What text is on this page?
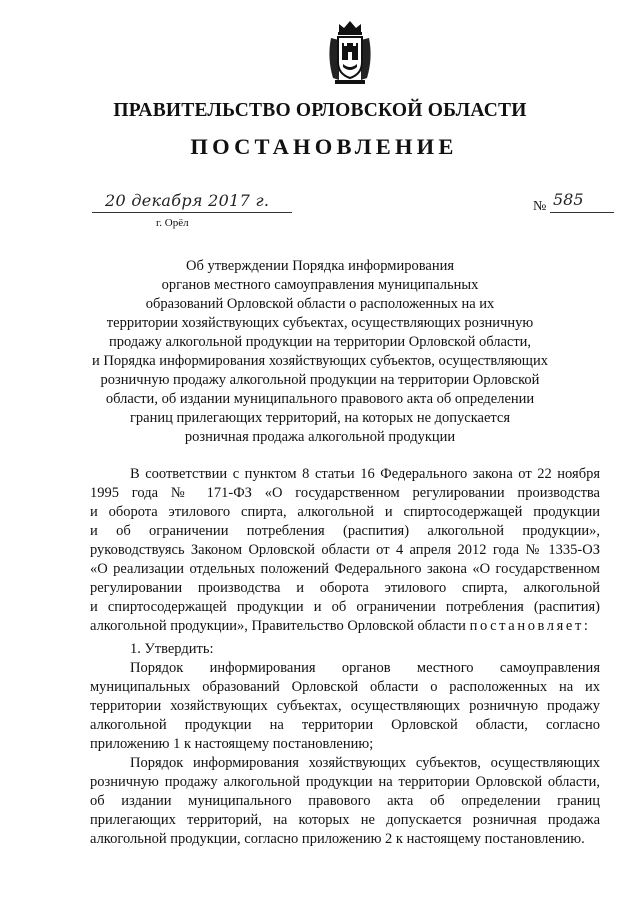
ПРАВИТЕЛЬСТВО ОРЛОВСКОЙ ОБЛАСТИ
ПОСТАНОВЛЕНИЕ
20 декабря 2017 г.
г. Орёл
№ 585
Об утверждении Порядка информирования
органов местного самоуправления муниципальных
образований Орловской области о расположенных на их
территории хозяйствующих субъектах, осуществляющих розничную
продажу алкогольной продукции на территории Орловской области,
и Порядка информирования хозяйствующих субъектов, осуществляющих
розничную продажу алкогольной продукции на территории Орловской
области, об издании муниципального правового акта об определении
границ прилегающих территорий, на которых не допускается
розничная продажа алкогольной продукции
В соответствии с пунктом 8 статьи 16 Федерального закона от 22 ноября
1995 года № 171-ФЗ «О государственном регулировании производства
и оборота этилового спирта, алкогольной и спиртосодержащей продукции
и об ограничении потребления (распития) алкогольной продукции»,
руководствуясь Законом Орловской области от 4 апреля 2012 года № 1335-ОЗ
«О реализации отдельных положений Федерального закона «О государственном
регулировании производства и оборота этилового спирта, алкогольной
и спиртосодержащей продукции и об ограничении потребления (распития)
алкогольной продукции», Правительство Орловской области постановляет:
1. Утвердить:
Порядок информирования органов местного самоуправления
муниципальных образований Орловской области о расположенных на их
территории хозяйствующих субъектах, осуществляющих розничную продажу
алкогольной продукции на территории Орловской области, согласно
приложению 1 к настоящему постановлению;
Порядок информирования хозяйствующих субъектов, осуществляющих
розничную продажу алкогольной продукции на территории Орловской области,
об издании муниципального правового акта об определении границ
прилегающих территорий, на которых не допускается розничная продажа
алкогольной продукции, согласно приложению 2 к настоящему постановлению.
